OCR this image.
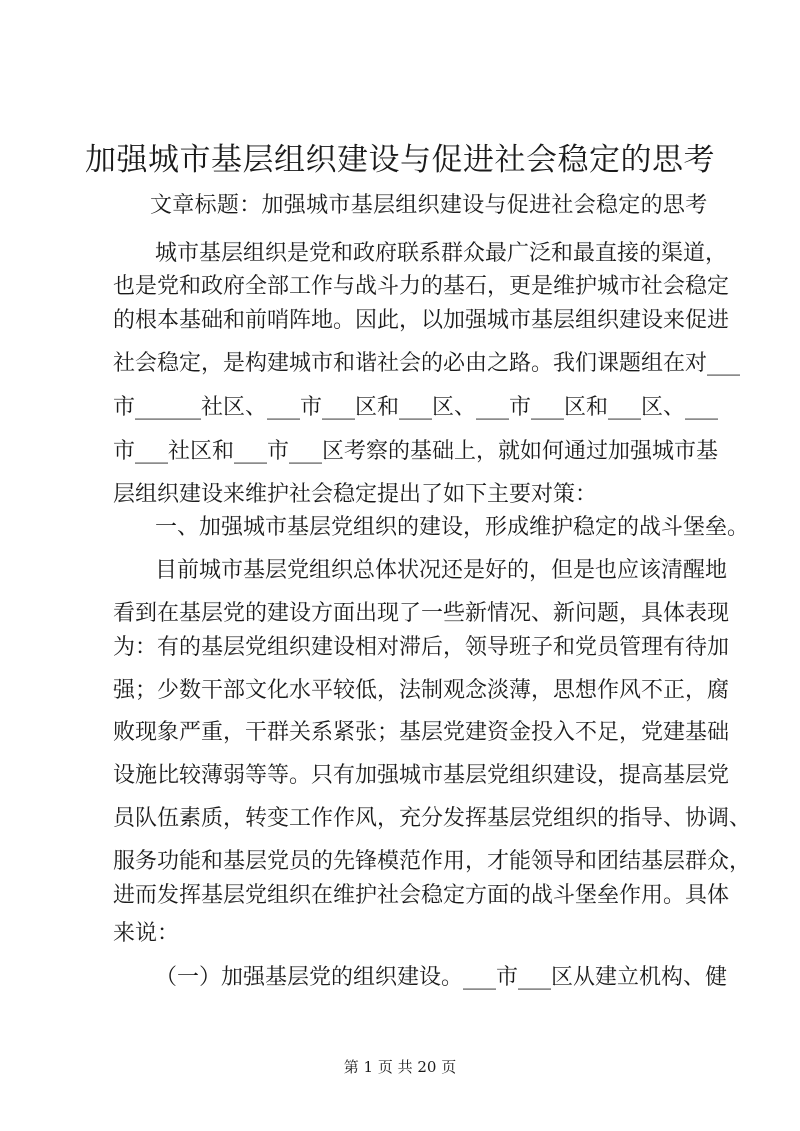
加强城市基层组织建设与促进社会稳定的思考
文章标题：加强城市基层组织建设与促进社会稳定的思考
城市基层组织是党和政府联系群众最广泛和最直接的渠道，
也是党和政府全部工作与战斗力的基石，更是维护城市社会稳定
的根本基础和前哨阵地。因此，以加强城市基层组织建设来促进
社会稳定，是构建城市和谐社会的必由之路。我们课题组在对___
市______社区、___市___区和___区、___市___区和___区、___
市___社区和___市___区考察的基础上，就如何通过加强城市基
层组织建设来维护社会稳定提出了如下主要对策：
一、加强城市基层党组织的建设，形成维护稳定的战斗堡垒。
目前城市基层党组织总体状况还是好的，但是也应该清醒地
看到在基层党的建设方面出现了一些新情况、新问题，具体表现
为：有的基层党组织建设相对滞后，领导班子和党员管理有待加
强；少数干部文化水平较低，法制观念淡薄，思想作风不正，腐
败现象严重，干群关系紧张；基层党建资金投入不足，党建基础
设施比较薄弱等等。只有加强城市基层党组织建设，提高基层党
员队伍素质，转变工作作风，充分发挥基层党组织的指导、协调、
服务功能和基层党员的先锋模范作用，才能领导和团结基层群众，
进而发挥基层党组织在维护社会稳定方面的战斗堡垒作用。具体
来说：
（一）加强基层党的组织建设。___市___区从建立机构、健
第 1 页 共 20 页
